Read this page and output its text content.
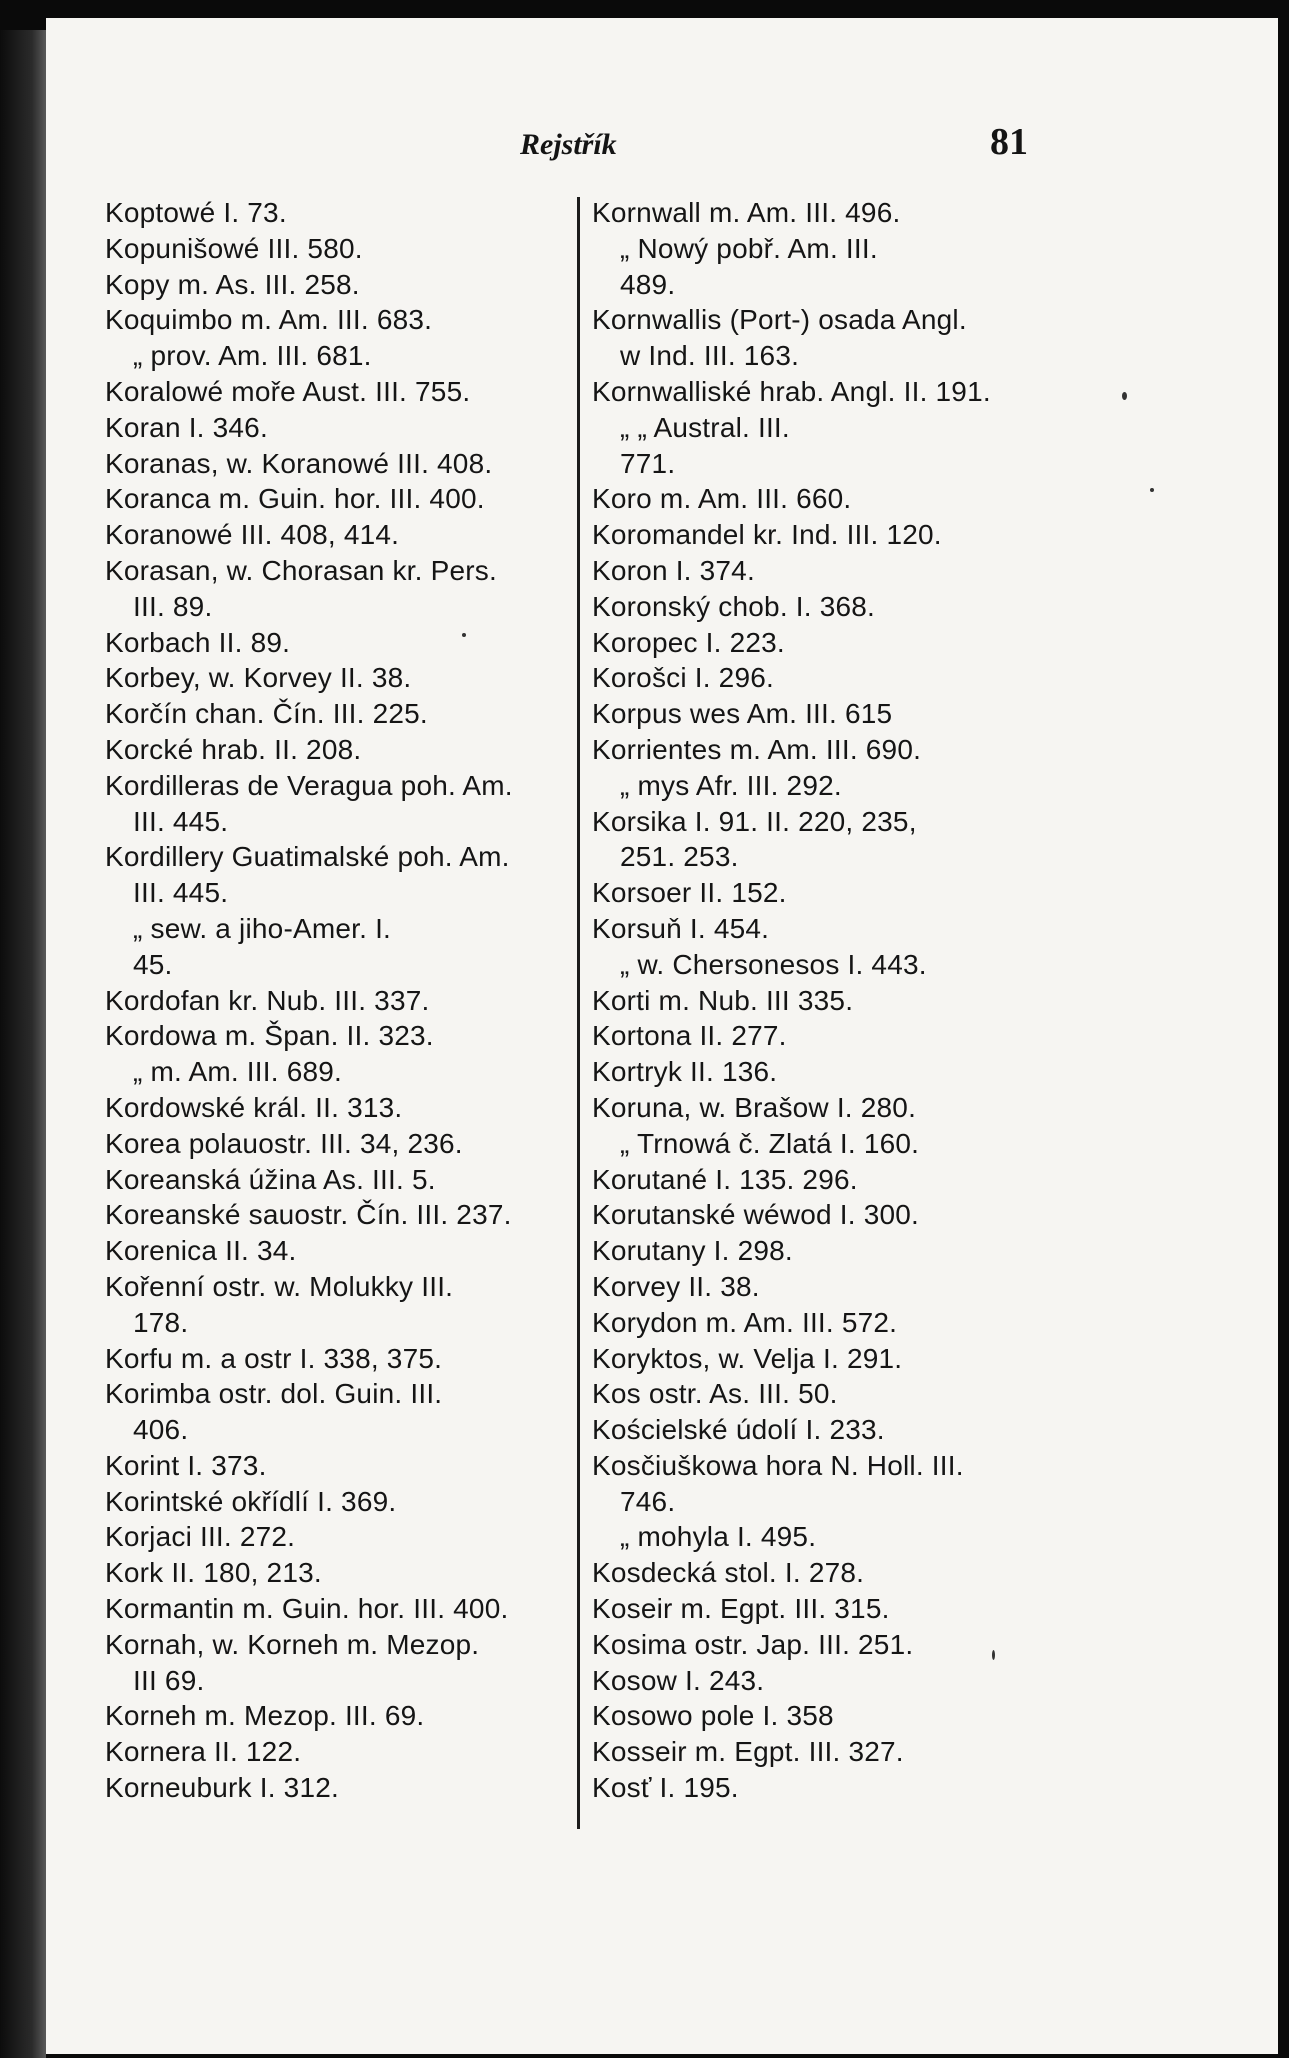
Rejstřík	81
Koptowé I. 73.
Kopunišowé III. 580.
Kopy m. As. III. 258.
Koquimbo m. Am. III. 683.
„ prov. Am. III. 681.
Koralowé moře Aust. III. 755.
Koran I. 346.
Koranas, w. Koranowé III. 408.
Koranca m. Guin. hor. III. 400.
Koranowé III. 408, 414.
Korasan, w. Chorasan kr. Pers.
III. 89.
Korbach II. 89.
Korbey, w. Korvey II. 38.
Korčín chan. Čín. III. 225.
Korcké hrab. II. 208.
Kordilleras de Veragua poh. Am.
III. 445.
Kordillery Guatimalské poh. Am.
III. 445.
„ sew. a jiho-Amer. I.
45.
Kordofan kr. Nub. III. 337.
Kordowa m. Špan. II. 323.
„ m. Am. III. 689.
Kordowské král. II. 313.
Korea polauostr. III. 34, 236.
Koreanská úžina As. III. 5.
Koreanské sauostr. Čín. III. 237.
Korenica II. 34.
Kořenní ostr. w. Molukky III.
178.
Korfu m. a ostr I. 338, 375.
Korimba ostr. dol. Guin. III.
406.
Korint I. 373.
Korintské okřídlí I. 369.
Korjaci III. 272.
Kork II. 180, 213.
Kormantin m. Guin. hor. III. 400.
Kornah, w. Korneh m. Mezop.
III 69.
Korneh m. Mezop. III. 69.
Kornera II. 122.
Korneuburk I. 312.
Kornwall m. Am. III. 496.
„ Nowý pobř. Am. III.
489.
Kornwallis (Port-) osada Angl.
w Ind. III. 163.
Kornwalliské hrab. Angl. II. 191.
„ „ Austral. III.
771.
Koro m. Am. III. 660.
Koromandel kr. Ind. III. 120.
Koron I. 374.
Koronský chob. I. 368.
Koropec I. 223.
Korošci I. 296.
Korpus wes Am. III. 615
Korrientes m. Am. III. 690.
„ mys Afr. III. 292.
Korsika I. 91. II. 220, 235,
251. 253.
Korsoer II. 152.
Korsuň I. 454.
„ w. Chersonesos I. 443.
Korti m. Nub. III 335.
Kortona II. 277.
Kortryk II. 136.
Koruna, w. Brašow I. 280.
„ Trnowá č. Zlatá I. 160.
Korutané I. 135. 296.
Korutanské wéwod I. 300.
Korutany I. 298.
Korvey II. 38.
Korydon m. Am. III. 572.
Koryktos, w. Velja I. 291.
Kos ostr. As. III. 50.
Kościelské údolí I. 233.
Kosčiuškowa hora N. Holl. III.
746.
„ mohyla I. 495.
Kosdecká stol. I. 278.
Koseir m. Egpt. III. 315.
Kosima ostr. Jap. III. 251.
Kosow I. 243.
Kosowo pole I. 358
Kosseir m. Egpt. III. 327.
Kosť I. 195.
